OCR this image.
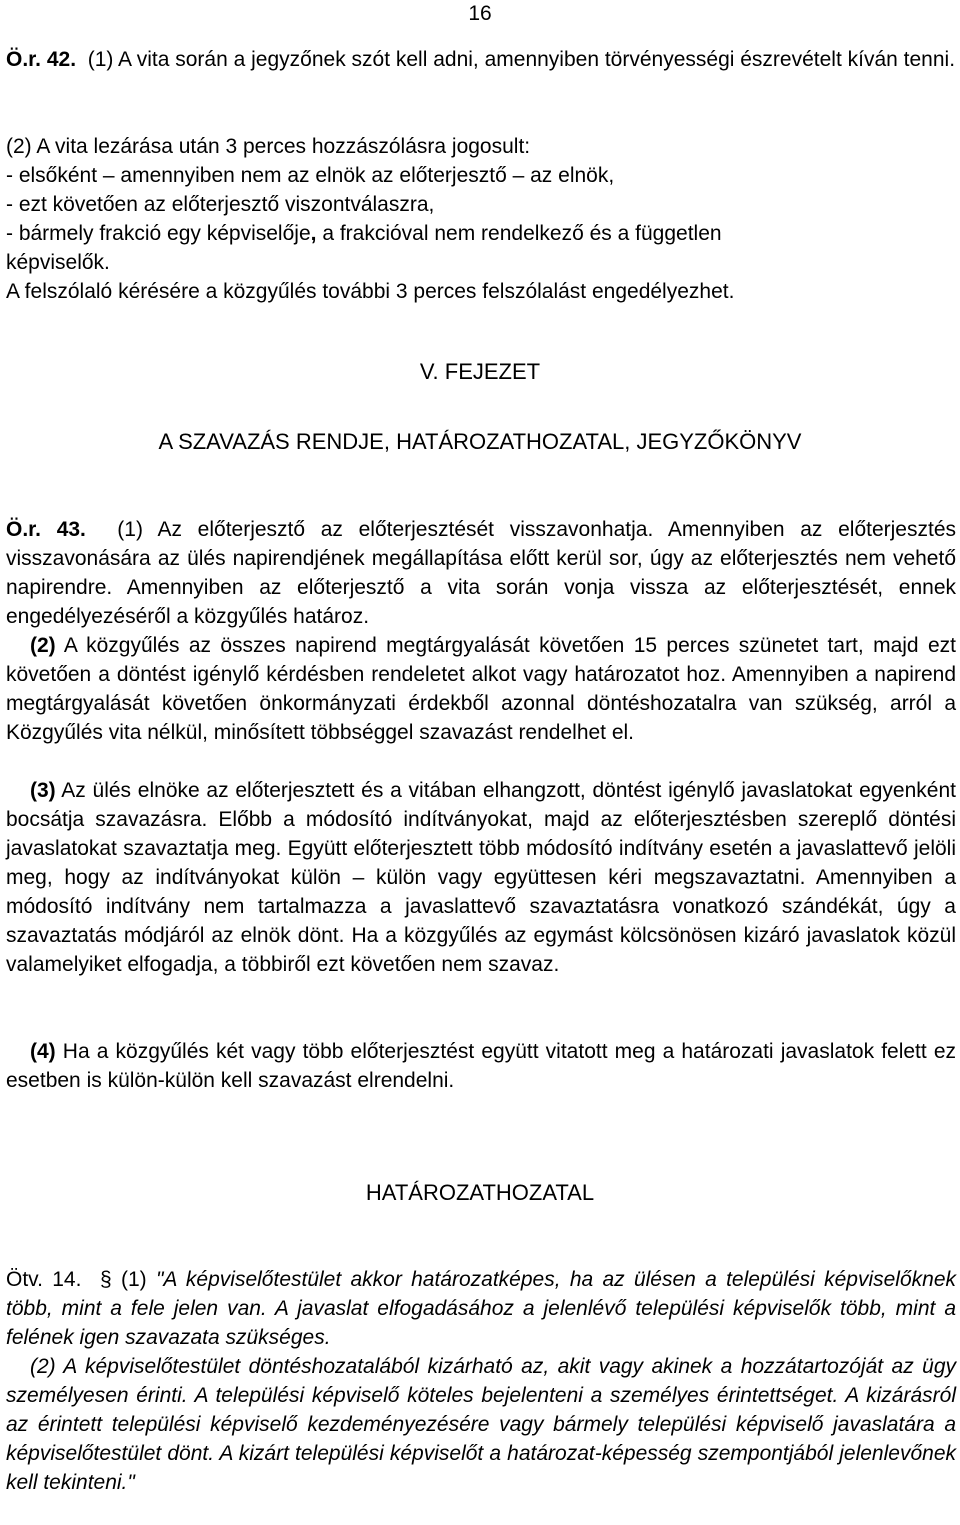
16

Ö.r. 42. (1) A vita során a jegyzőnek szót kell adni, amennyiben törvényességi észrevételt kíván tenni.

(2) A vita lezárása után 3 perces hozzászólásra jogosult:
- elsőként – amennyiben nem az elnök az előterjesztő – az elnök,
- ezt követően az előterjesztő viszontválaszra,
- bármely frakció egy képviselője, a frakcióval nem rendelkező és a független
képviselők.
A felszólaló kérésére a közgyűlés további 3 perces felszólalást engedélyezhet.
V. FEJEZET
A SZAVAZÁS RENDJE, HATÁROZATHOZATAL, JEGYZŐKÖNYV

Ö.r. 43. (1) Az előterjesztő az előterjesztését visszavonhatja. Amennyiben az előterjesztés visszavonására az ülés napirendjének megállapítása előtt kerül sor, úgy az előterjesztés nem vehető napirendre. Amennyiben az előterjesztő a vita során vonja vissza az előterjesztését, ennek engedélyezéséről a közgyűlés határoz.

(2) A közgyűlés az összes napirend megtárgyalását követően 15 perces szünetet tart, majd ezt követően a döntést igénylő kérdésben rendeletet alkot vagy határozatot hoz. Amennyiben a napirend megtárgyalását követően önkormányzati érdekből azonnal döntéshozatalra van szükség, arról a Közgyűlés vita nélkül, minősített többséggel szavazást rendelhet el.

(3) Az ülés elnöke az előterjesztett és a vitában elhangzott, döntést igénylő javaslatokat egyenként bocsátja szavazásra. Előbb a módosító indítványokat, majd az előterjesztésben szereplő döntési javaslatokat szavaztatja meg. Együtt előterjesztett több módosító indítvány esetén a javaslattevő jelöli meg, hogy az indítványokat külön – külön vagy együttesen kéri megszavaztatni. Amennyiben a módosító indítvány nem tartalmazza a javaslattevő szavaztatásra vonatkozó szándékát, úgy a szavaztatás módjáról az elnök dönt. Ha a közgyűlés az egymást kölcsönösen kizáró javaslatok közül valamelyiket elfogadja, a többiről ezt követően nem szavaz.

(4) Ha a közgyűlés két vagy több előterjesztést együtt vitatott meg a határozati javaslatok felett ez esetben is külön-külön kell szavazást elrendelni.

HATÁROZATHOZATAL

Ötv. 14. § (1) "A képviselőtestület akkor határozatképes, ha az ülésen a települési képviselőknek több, mint a fele jelen van. A javaslat elfogadásához a jelenlévő települési képviselők több, mint a felének igen szavazata szükséges.

(2) A képviselőtestület döntéshozatalából kizárható az, akit vagy akinek a hozzátartozóját az ügy személyesen érinti. A települési képviselő köteles bejelenteni a személyes érintettséget. A kizárásról az érintett települési képviselő kezdeményezésére vagy bármely települési képviselő javaslatára a képviselőtestület dönt. A kizárt települési képviselőt a határozat-képesség szempontjából jelenlevőnek kell tekinteni."
